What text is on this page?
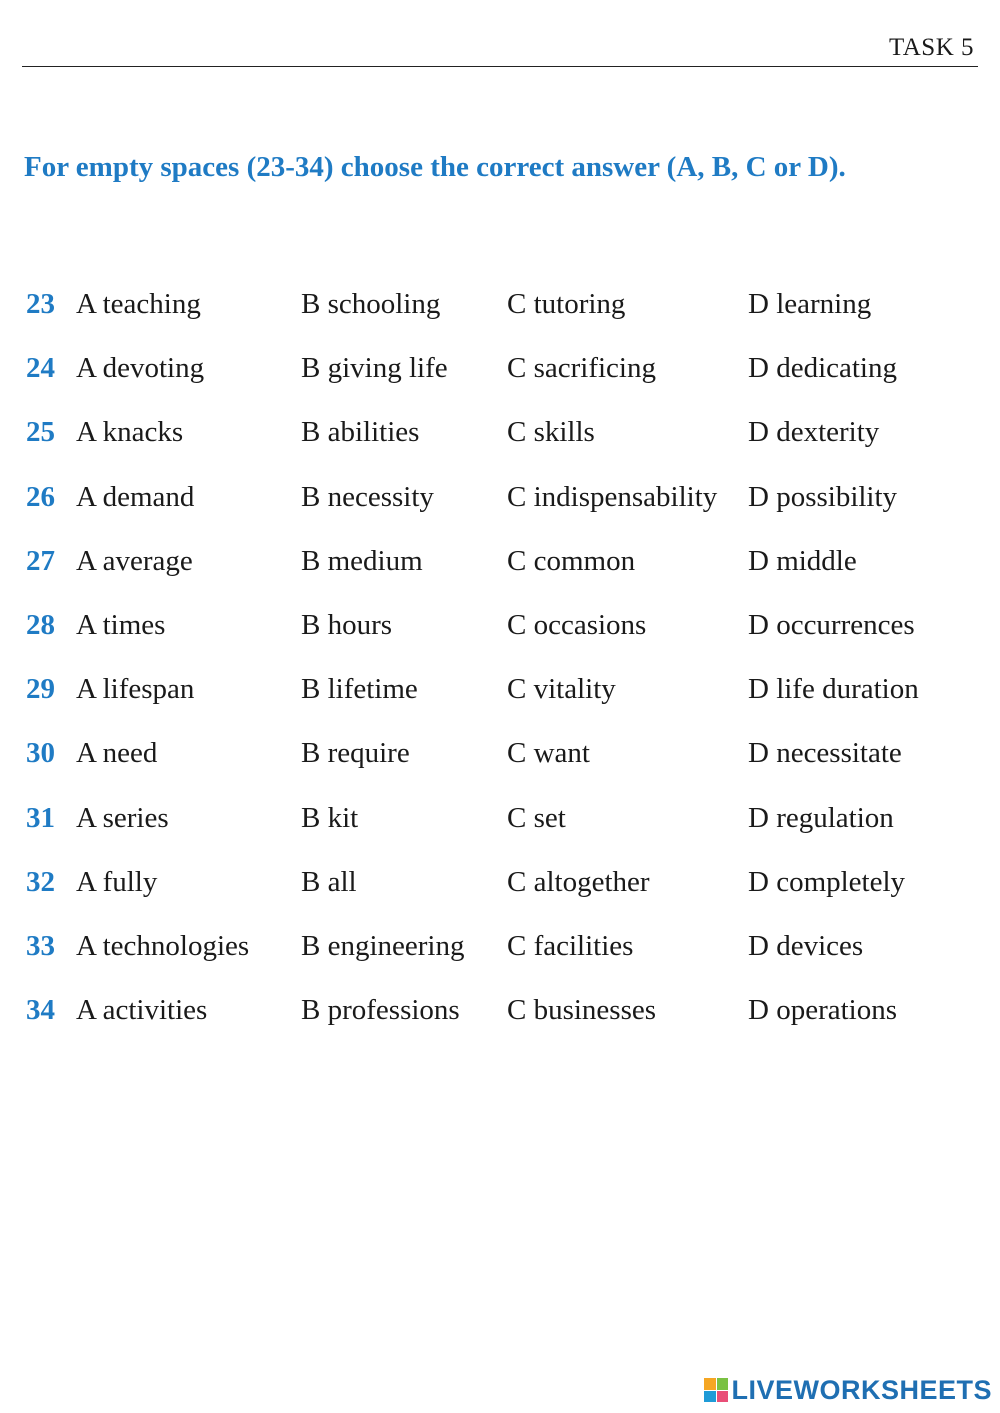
TASK 5
For empty spaces (23-34) choose the correct answer (A, B, C or D).
23 A teaching	B schooling C tutoring	D learning
24 A devoting	B giving life C sacrificing	D dedicating
25 A knacks	B abilities	C skills	D dexterity
26 A demand	B necessity	C indispensability D possibility
27 A average	B medium	C common	D middle
28 A times	B hours	C occasions	D occurrences
29 A lifespan	B lifetime	C vitality	D life duration
30 A need	B require	C want	D necessitate
31 A series	B kit	C set	D regulation
32 A fully	B all	C altogether	D completely
33 A technologies B engineering C facilities	D devices
34 A activities	B professions C businesses	D operations
LIVEWORKSHEETS
